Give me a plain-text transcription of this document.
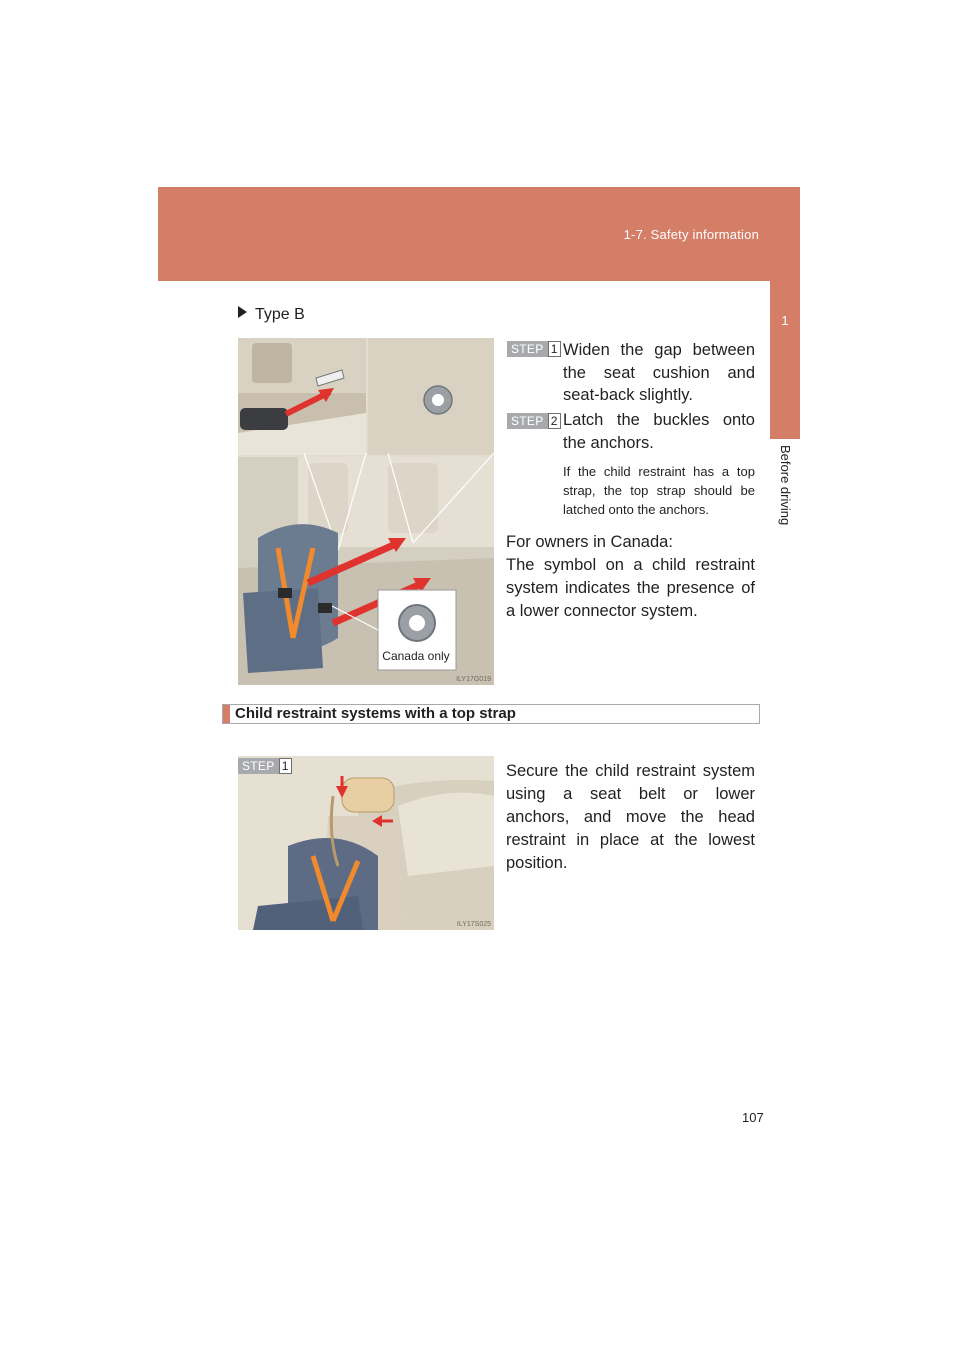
1-7. Safety information
1
Before driving
Type B
Canada only
ILY17G019
STEP 1 Widen the gap between the seat cushion and seat-back slightly.
STEP 2 Latch the buckles onto the anchors.
If the child restraint has a top strap, the top strap should be latched onto the anchors.

For owners in Canada:

The symbol on a child restraint system indicates the presence of a lower connector system.

Child restraint systems with a top strap
ILY17S025
STEP 1	Secure the child restraint system using a seat belt or lower anchors, and move the head restraint in place at the lowest position.
107
